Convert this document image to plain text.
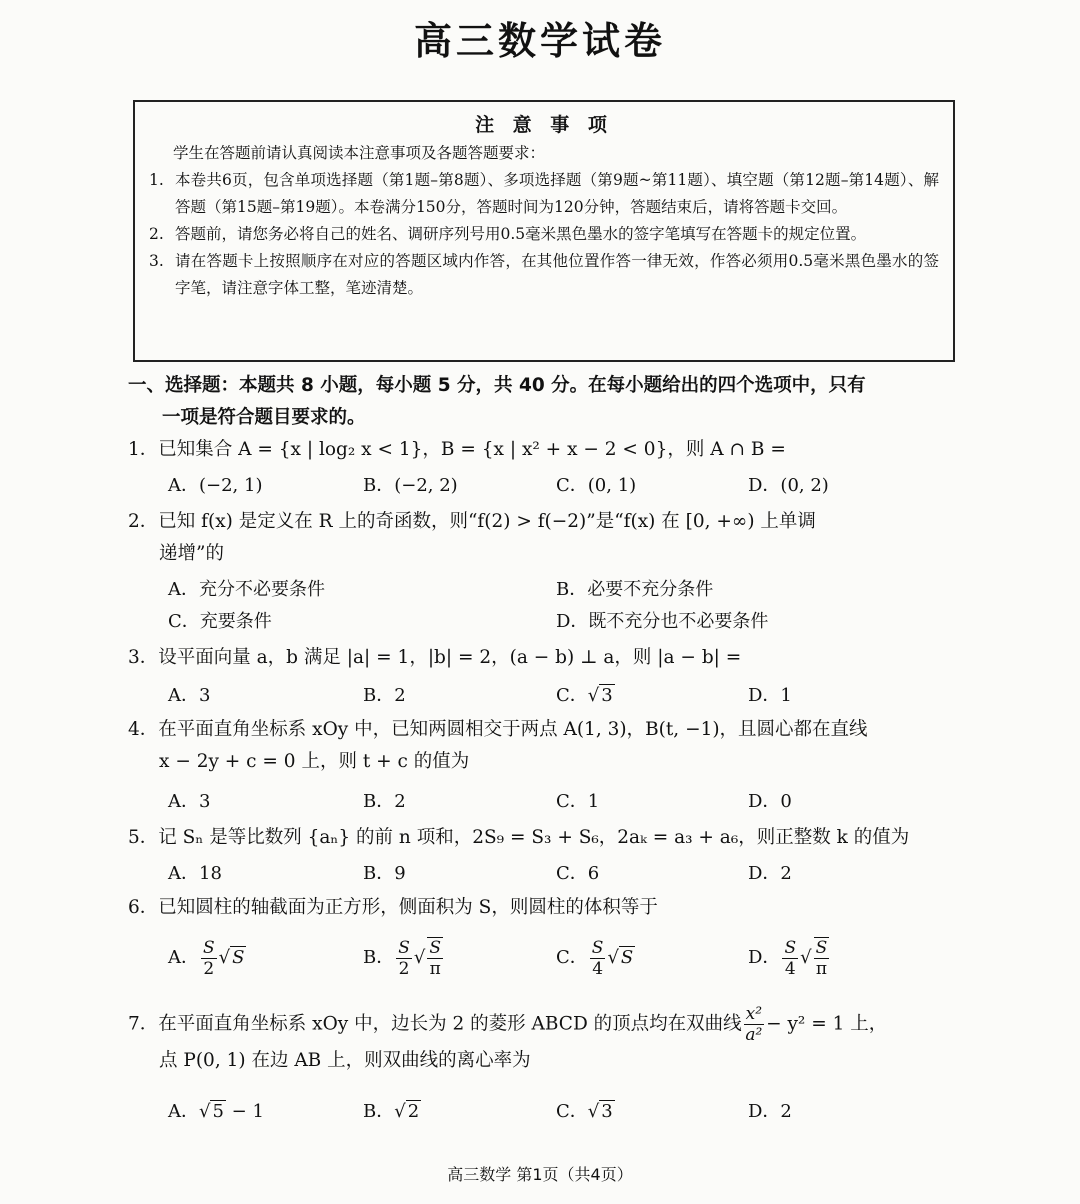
高三数学试卷
注 意 事 项
学生在答题前请认真阅读本注意事项及各题答题要求：
1. 本卷共6页，包含单项选择题（第1题–第8题）、多项选择题（第9题~第11题）、填空题（第12题–第14题）、解答题（第15题–第19题）。本卷满分150分，答题时间为120分钟，答题结束后，请将答题卡交回。
2. 答题前，请您务必将自己的姓名、调研序列号用0.5毫米黑色墨水的签字笔填写在答题卡的规定位置。
3. 请在答题卡上按照顺序在对应的答题区域内作答，在其他位置作答一律无效，作答必须用0.5毫米黑色墨水的签字笔，请注意字体工整，笔迹清楚。
一、选择题：本题共 8 小题，每小题 5 分，共 40 分。在每小题给出的四个选项中，只有
一项是符合题目要求的。
1．已知集合 A = {x | log₂ x < 1}，B = {x | x² + x − 2 < 0}，则 A ∩ B =
A．(−2, 1)	B．(−2, 2)	C．(0, 1)	D．(0, 2)
2．已知 f(x) 是定义在 R 上的奇函数，则“f(2) > f(−2)”是“f(x) 在 [0, +∞) 上单调
递增”的
A．充分不必要条件	B．必要不充分条件
C．充要条件	D．既不充分也不必要条件
3．设平面向量 a，b 满足 |a| = 1，|b| = 2，(a − b) ⊥ a，则 |a − b| =
A．3	B．2	C．√ 3	D．1
4．在平面直角坐标系 xOy 中，已知两圆相交于两点 A(1, 3)，B(t, −1)，且圆心都在直线
x − 2y + c = 0 上，则 t + c 的值为
A．3	B．2	C．1	D．0
5．记 Sₙ 是等比数列 {aₙ} 的前 n 项和，2S₉ = S₃ + S₆，2aₖ = a₃ + a₆，则正整数 k 的值为
A．18	B．9	C．6	D．2
6．已知圆柱的轴截面为正方形，侧面积为 S，则圆柱的体积等于
A． $\frac{S}{2}$ √ S	B． $\frac{S}{2}$ √ $\frac{S}{\pi}$	C． $\frac{S}{4}$ √ S	D． $\frac{S}{4}$ √ $\frac{S}{\pi}$
7．在平面直角坐标系 xOy 中，边长为 2 的菱形 ABCD 的顶点均在双曲线 $\frac{\text{x²}}{\text{a²}} - y^2 = 1$ 上，
点 P(0, 1) 在边 AB 上，则双曲线的离心率为
A．√ 5 − 1	B．√ 2	C．√ 3	D．2
高三数学 第1页（共4页）
